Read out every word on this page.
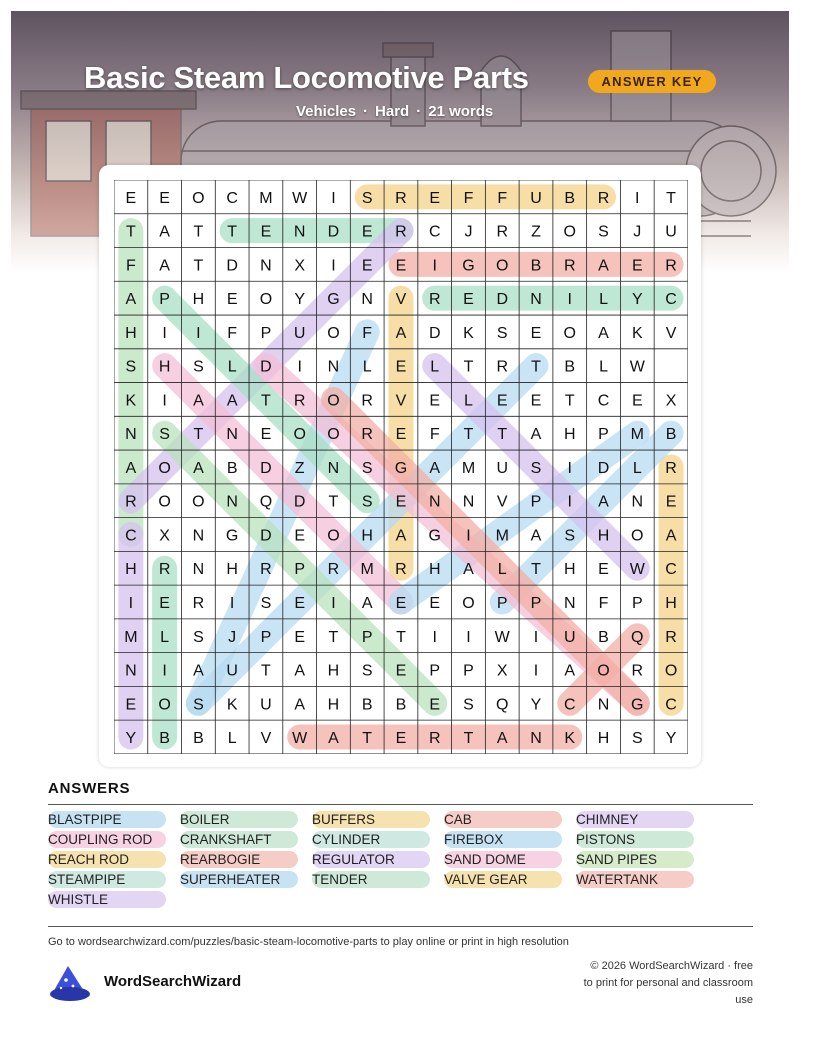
Basic Steam Locomotive Parts	ANSWER KEY
Vehicles · Hard · 21 words
E E O C M W I S R E F F U B R I T
T A T T E N D E R C J R Z O S J U
F A T D N X I E E I G O B R A E R
A P H E O Y G N V R E D N I L Y C
H I I F P U O F A D K S E O A K V
S H S L D I N L E L T R T B L W
K I A A T R O R V E L E E T C E X
N S T N E O O R E F T T A H P M B
A O A B D Z N S G A M U S I D L R
R O O N Q D T S E N N V P I A N E
C X N G D E O H A G I M A S H O A
H R N H R P R M R H A L T H E W C
I E R I S E I A E E O P P N F P H
M L S J P E T P T I I W I U B Q R
N I A U T A H S E P P X I A O R O
E O S K U A H B B E S Q Y C N G C
Y B B L V W A T E R T A N K H S Y
ANSWERS
BLASTPIPE	BOILER	BUFFERS	CAB	CHIMNEY
COUPLING ROD	CRANKSHAFT	CYLINDER	FIREBOX	PISTONS
REACH ROD	REARBOGIE	REGULATOR	SAND DOME	SAND PIPES
STEAMPIPE	SUPERHEATER	TENDER	VALVE GEAR	WATERTANK
WHISTLE
Go to wordsearchwizard.com/puzzles/basic-steam-locomotive-parts to play online or print in high resolution
WordSearchWizard
© 2026 WordSearchWizard · free to print for personal and classroom use
